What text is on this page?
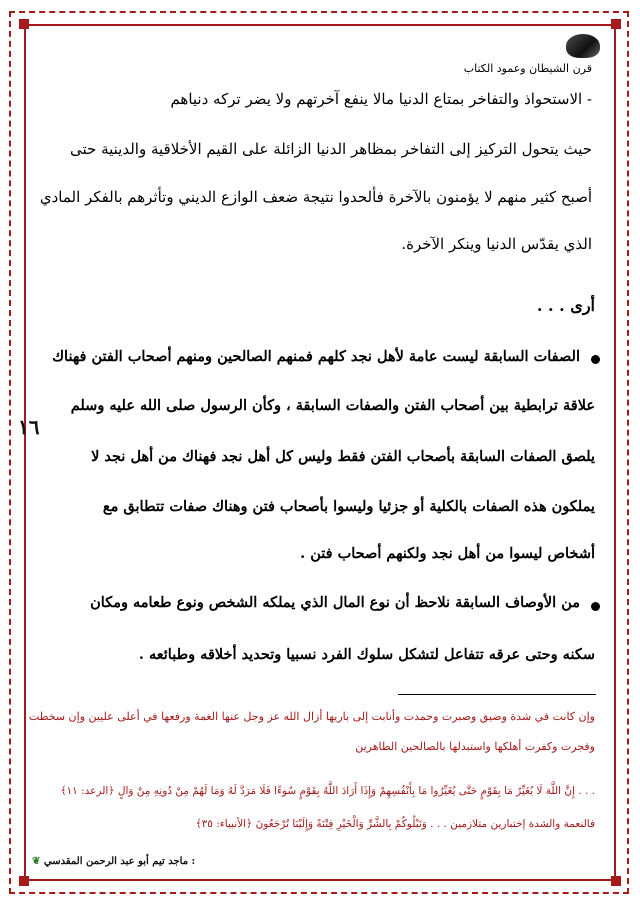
قرن الشيطان وعمود الكتاب
- الاستحواذ والتفاخر بمتاع الدنيا مالا ينفع آخرتهم ولا يضر تركه دنياهم
حيث يتحول التركيز إلى التفاخر بمظاهر الدنيا الزائلة على القيم الأخلاقية والدينية حتى
أصبح كثير منهم لا يؤمنون بالآخرة فألحدوا نتيجة ضعف الوازع الديني وتأثرهم بالفكر المادي
الذي يقدّس الدنيا وينكر الآخرة.
أرى . . .
الصفات السابقة ليست عامة لأهل نجد كلهم فمنهم الصالحين ومنهم أصحاب الفتن فهناك
علاقة ترابطية بين أصحاب الفتن والصفات السابقة ، وكأن الرسول صلى الله عليه وسلم
يلصق الصفات السابقة بأصحاب الفتن فقط وليس كل أهل نجد فهناك من أهل نجد لا
يملكون هذه الصفات بالكلية أو جزئيا وليسوا بأصحاب فتن وهناك صفات تتطابق مع
أشخاص ليسوا من أهل نجد ولكنهم أصحاب فتن .
من الأوصاف السابقة نلاحظ أن نوع المال الذي يملكه الشخص ونوع طعامه ومكان
سكنه وحتى عرقه تتفاعل لتشكل سلوك الفرد نسبيا وتحديد أخلاقه وطبائعه .
١٦
وإن كانت في شدة وضيق وصبرت وحمدت وأنابت إلى باريها أزال الله عز وجل عنها الغمة ورفعها في أعلى عليين وإن سخطت
وفجرت وكفرت أهلكها واستبدلها بالصالحين الطاهرين
. . . إِنَّ اللَّهَ لَا يُغَيِّرُ مَا بِقَوْمٍ حَتَّى يُغَيِّرُوا مَا بِأَنْفُسِهِمْ وَإِذَا أَرَادَ اللَّهُ بِقَوْمٍ سُوءًا فَلَا مَرَدَّ لَهُ وَمَا لَهُمْ مِنْ دُونِهِ مِنْ وَالٍ ﴿الرعد: ١١﴾
فالنعمة والشدة إختبارين متلازمين . . . وَنَبْلُوكُمْ بِالشَّرِّ وَالْخَيْرِ فِتْنَةً وَإِلَيْنَا تُرْجَعُونَ ﴿الأنبياء: ٣٥﴾
: ماجد تيم أبو عبد الرحمن المقدسي ❦
